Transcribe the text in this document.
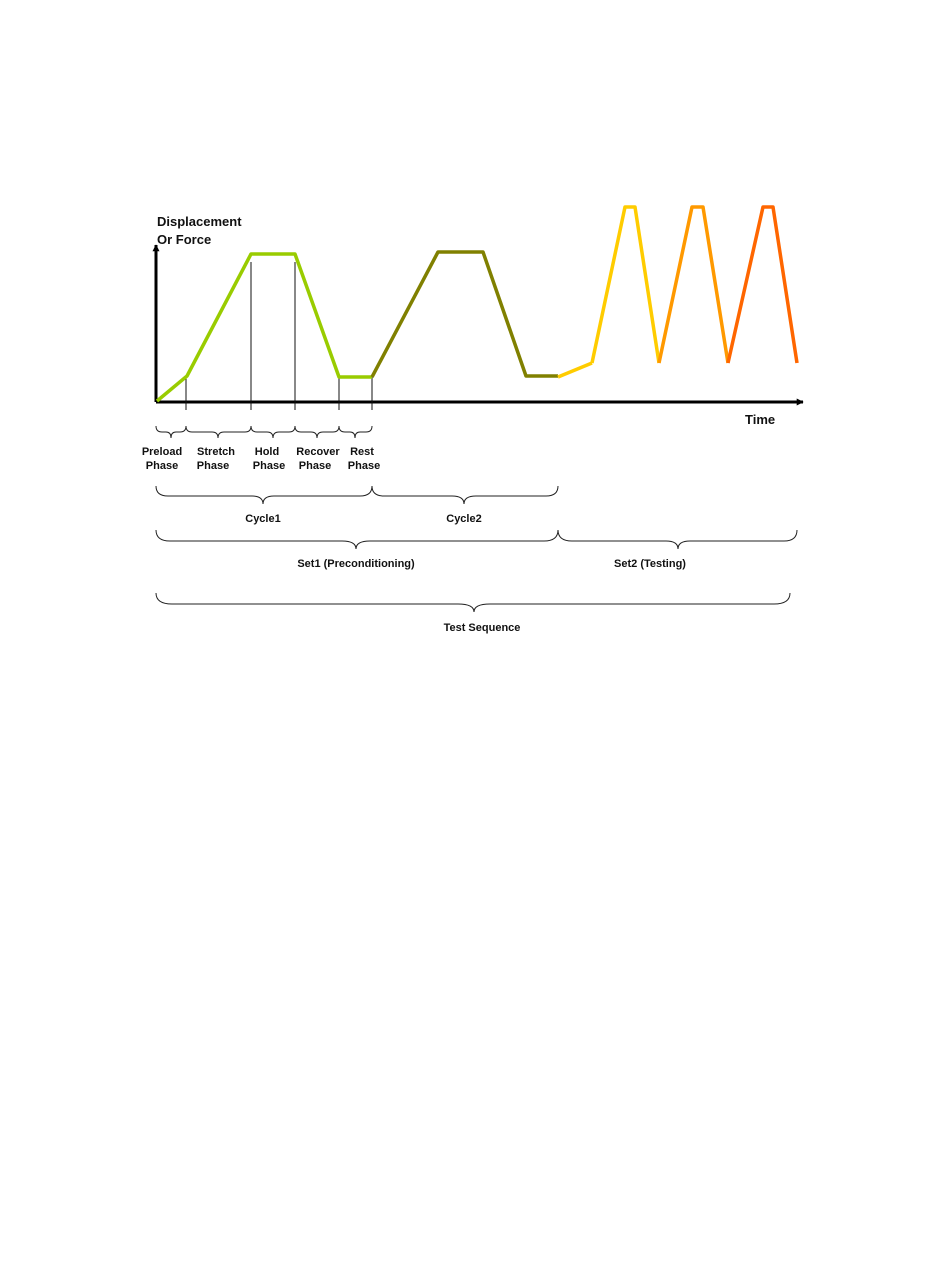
Displacement
Or Force
Time
Preload
Phase
Stretch
Phase
Hold
Phase
Recover
Phase
Rest
Phase
Cycle1	Cycle2
Set1 (Preconditioning)	Set2 (Testing)
Test Sequence
